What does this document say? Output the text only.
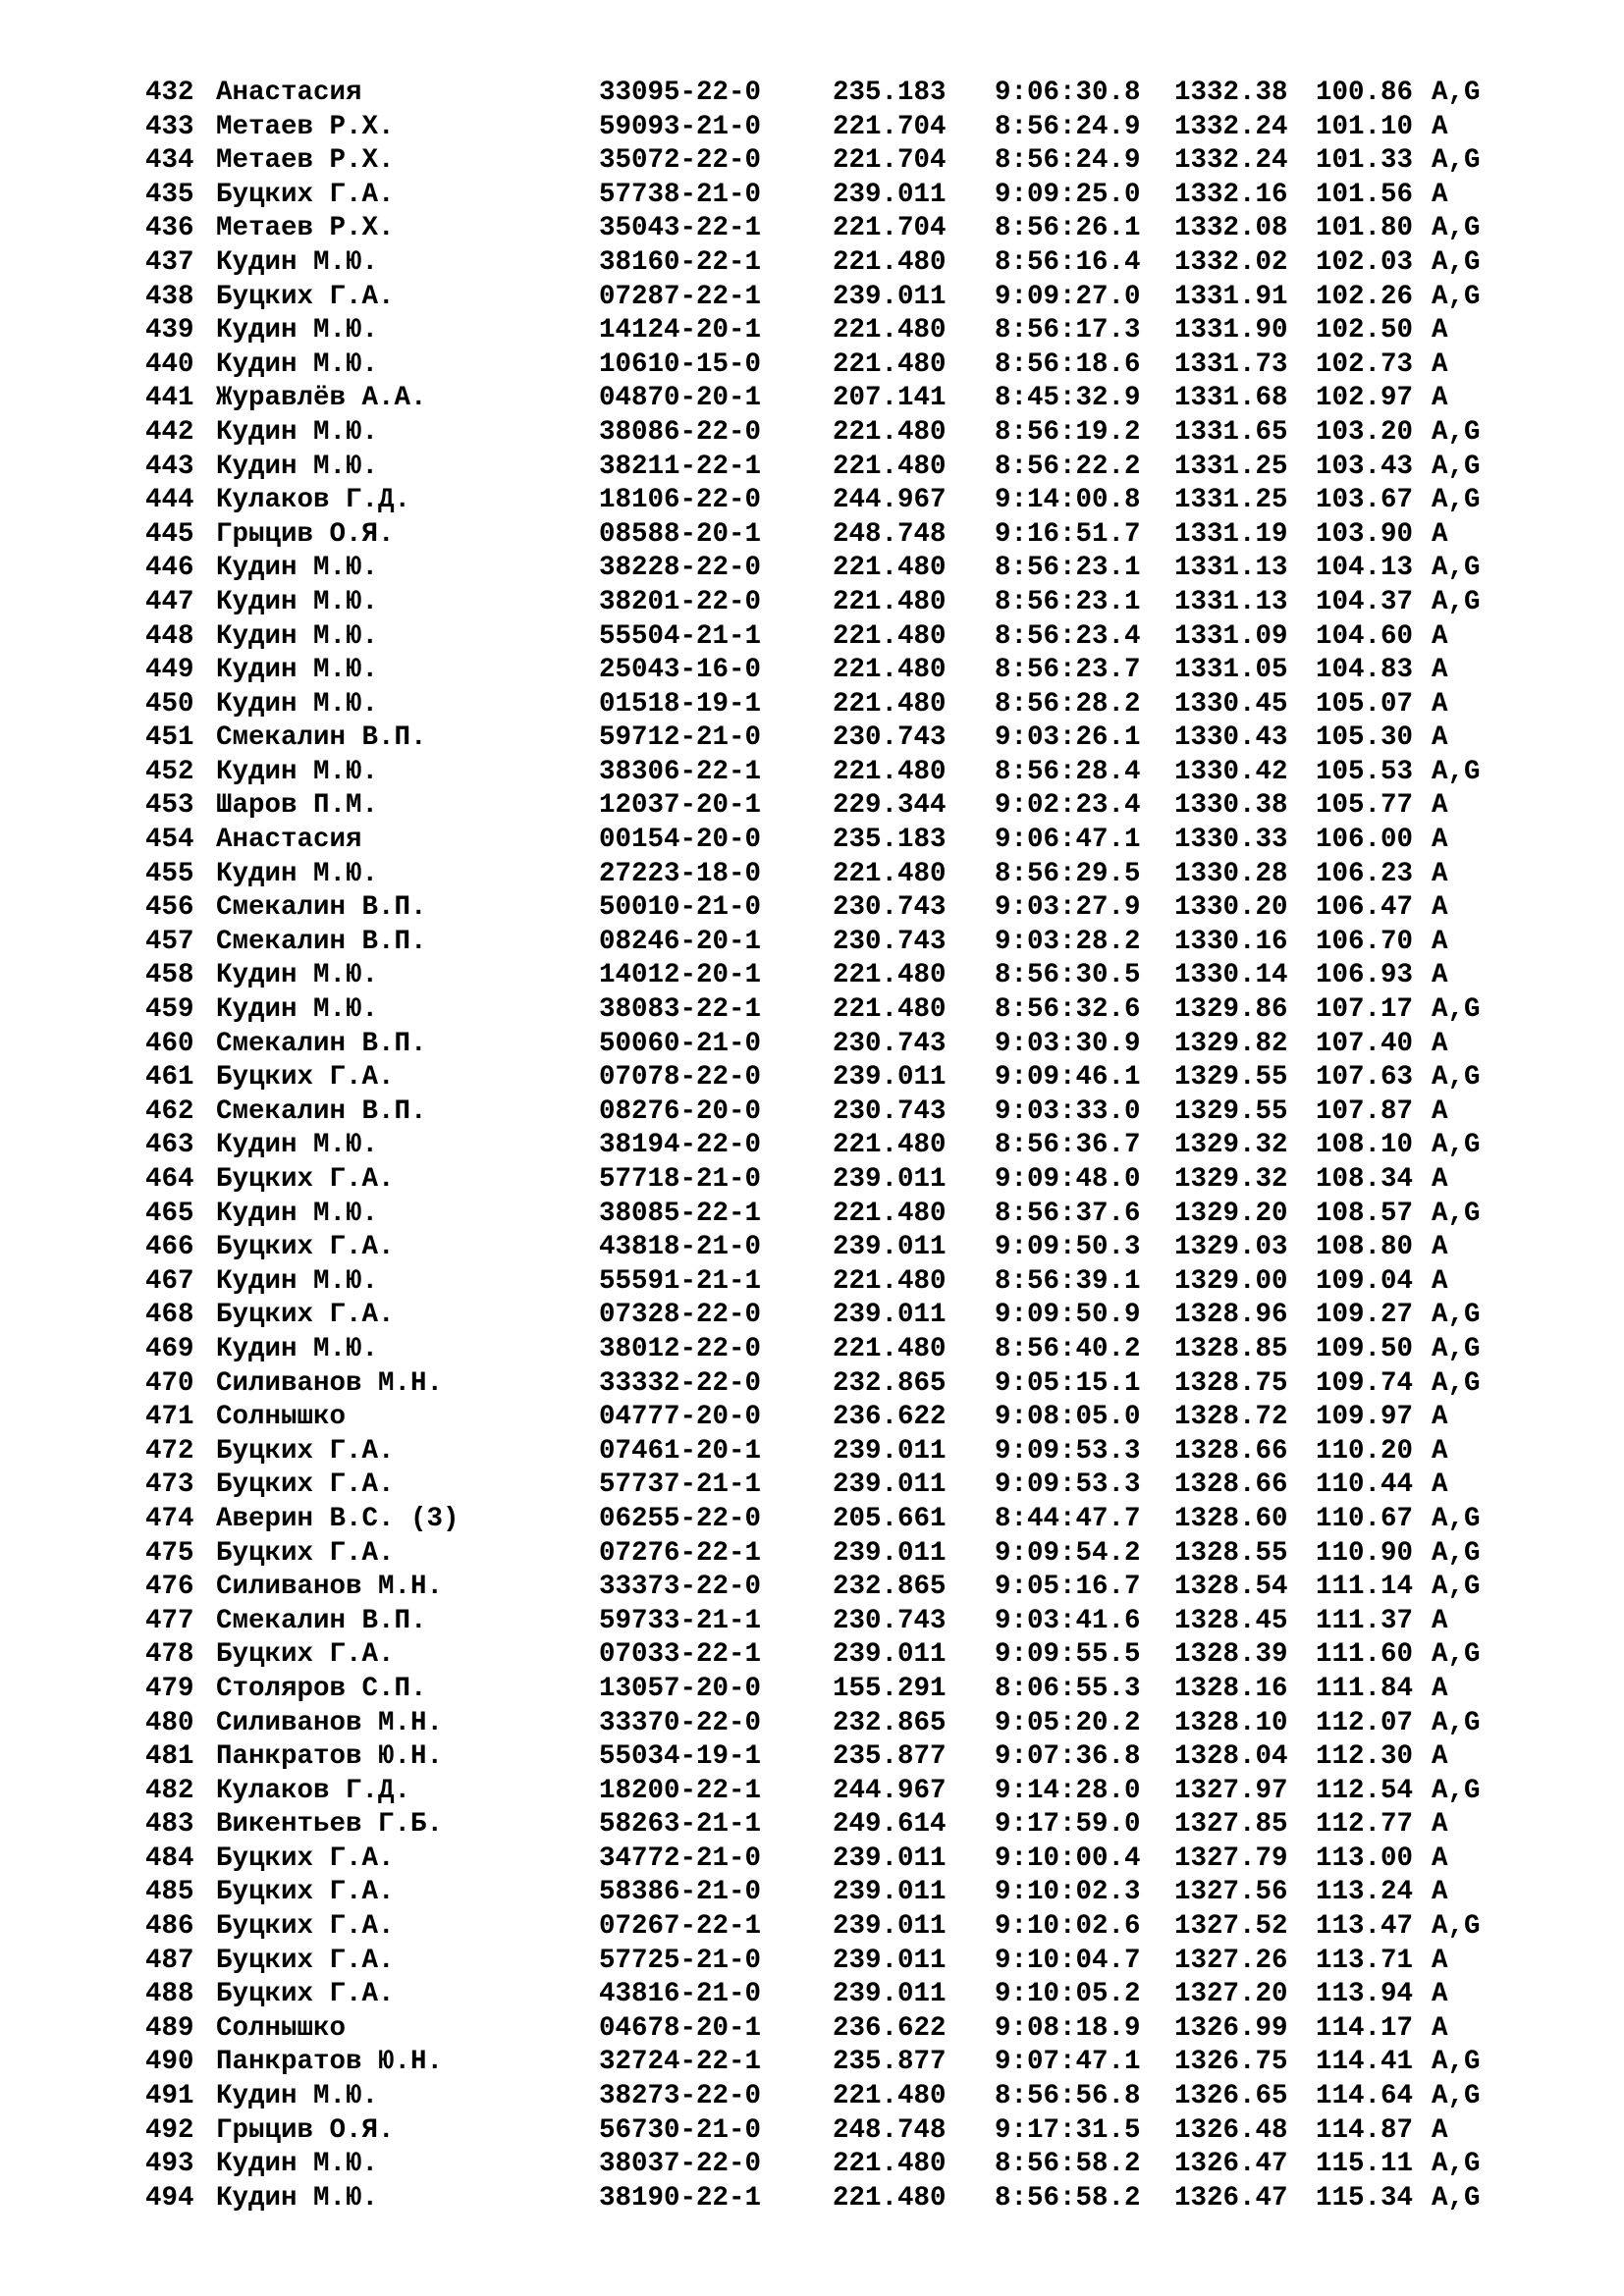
432 Анастасия	33095-22-0	235.183 9:06:30.8 1332.38 100.86 A,G
433 Метаев Р.Х.	59093-21-0	221.704 8:56:24.9 1332.24 101.10 A
434 Метаев Р.Х.	35072-22-0	221.704 8:56:24.9 1332.24 101.33 A,G
435 Буцких Г.А.	57738-21-0	239.011 9:09:25.0 1332.16 101.56 A
436 Метаев Р.Х.	35043-22-1	221.704 8:56:26.1 1332.08 101.80 A,G
437 Кудин М.Ю.	38160-22-1	221.480 8:56:16.4 1332.02 102.03 A,G
438 Буцких Г.А.	07287-22-1	239.011 9:09:27.0 1331.91 102.26 A,G
439 Кудин М.Ю.	14124-20-1	221.480 8:56:17.3 1331.90 102.50 A
440 Кудин М.Ю.	10610-15-0	221.480 8:56:18.6 1331.73 102.73 A
441 Журавлёв А.А.	04870-20-1	207.141 8:45:32.9 1331.68 102.97 A
442 Кудин М.Ю.	38086-22-0	221.480 8:56:19.2 1331.65 103.20 A,G
443 Кудин М.Ю.	38211-22-1	221.480 8:56:22.2 1331.25 103.43 A,G
444 Кулаков Г.Д.	18106-22-0	244.967 9:14:00.8 1331.25 103.67 A,G
445 Грыцив О.Я.	08588-20-1	248.748 9:16:51.7 1331.19 103.90 A
446 Кудин М.Ю.	38228-22-0	221.480 8:56:23.1 1331.13 104.13 A,G
447 Кудин М.Ю.	38201-22-0	221.480 8:56:23.1 1331.13 104.37 A,G
448 Кудин М.Ю.	55504-21-1	221.480 8:56:23.4 1331.09 104.60 A
449 Кудин М.Ю.	25043-16-0	221.480 8:56:23.7 1331.05 104.83 A
450 Кудин М.Ю.	01518-19-1	221.480 8:56:28.2 1330.45 105.07 A
451 Смекалин В.П.	59712-21-0	230.743 9:03:26.1 1330.43 105.30 A
452 Кудин М.Ю.	38306-22-1	221.480 8:56:28.4 1330.42 105.53 A,G
453 Шаров П.М.	12037-20-1	229.344 9:02:23.4 1330.38 105.77 A
454 Анастасия	00154-20-0	235.183 9:06:47.1 1330.33 106.00 A
455 Кудин М.Ю.	27223-18-0	221.480 8:56:29.5 1330.28 106.23 A
456 Смекалин В.П.	50010-21-0	230.743 9:03:27.9 1330.20 106.47 A
457 Смекалин В.П.	08246-20-1	230.743 9:03:28.2 1330.16 106.70 A
458 Кудин М.Ю.	14012-20-1	221.480 8:56:30.5 1330.14 106.93 A
459 Кудин М.Ю.	38083-22-1	221.480 8:56:32.6 1329.86 107.17 A,G
460 Смекалин В.П.	50060-21-0	230.743 9:03:30.9 1329.82 107.40 A
461 Буцких Г.А.	07078-22-0	239.011 9:09:46.1 1329.55 107.63 A,G
462 Смекалин В.П.	08276-20-0	230.743 9:03:33.0 1329.55 107.87 A
463 Кудин М.Ю.	38194-22-0	221.480 8:56:36.7 1329.32 108.10 A,G
464 Буцких Г.А.	57718-21-0	239.011 9:09:48.0 1329.32 108.34 A
465 Кудин М.Ю.	38085-22-1	221.480 8:56:37.6 1329.20 108.57 A,G
466 Буцких Г.А.	43818-21-0	239.011 9:09:50.3 1329.03 108.80 A
467 Кудин М.Ю.	55591-21-1	221.480 8:56:39.1 1329.00 109.04 A
468 Буцких Г.А.	07328-22-0	239.011 9:09:50.9 1328.96 109.27 A,G
469 Кудин М.Ю.	38012-22-0	221.480 8:56:40.2 1328.85 109.50 A,G
470 Силиванов М.Н.	33332-22-0	232.865 9:05:15.1 1328.75 109.74 A,G
471 Солнышко	04777-20-0	236.622 9:08:05.0 1328.72 109.97 A
472 Буцких Г.А.	07461-20-1	239.011 9:09:53.3 1328.66 110.20 A
473 Буцких Г.А.	57737-21-1	239.011 9:09:53.3 1328.66 110.44 A
474 Аверин В.С. (3)	06255-22-0	205.661 8:44:47.7 1328.60 110.67 A,G
475 Буцких Г.А.	07276-22-1	239.011 9:09:54.2 1328.55 110.90 A,G
476 Силиванов М.Н.	33373-22-0	232.865 9:05:16.7 1328.54 111.14 A,G
477 Смекалин В.П.	59733-21-1	230.743 9:03:41.6 1328.45 111.37 A
478 Буцких Г.А.	07033-22-1	239.011 9:09:55.5 1328.39 111.60 A,G
479 Столяров С.П.	13057-20-0	155.291 8:06:55.3 1328.16 111.84 A
480 Силиванов М.Н.	33370-22-0	232.865 9:05:20.2 1328.10 112.07 A,G
481 Панкратов Ю.Н.	55034-19-1	235.877 9:07:36.8 1328.04 112.30 A
482 Кулаков Г.Д.	18200-22-1	244.967 9:14:28.0 1327.97 112.54 A,G
483 Викентьев Г.Б.	58263-21-1	249.614 9:17:59.0 1327.85 112.77 A
484 Буцких Г.А.	34772-21-0	239.011 9:10:00.4 1327.79 113.00 A
485 Буцких Г.А.	58386-21-0	239.011 9:10:02.3 1327.56 113.24 A
486 Буцких Г.А.	07267-22-1	239.011 9:10:02.6 1327.52 113.47 A,G
487 Буцких Г.А.	57725-21-0	239.011 9:10:04.7 1327.26 113.71 A
488 Буцких Г.А.	43816-21-0	239.011 9:10:05.2 1327.20 113.94 A
489 Солнышко	04678-20-1	236.622 9:08:18.9 1326.99 114.17 A
490 Панкратов Ю.Н.	32724-22-1	235.877 9:07:47.1 1326.75 114.41 A,G
491 Кудин М.Ю.	38273-22-0	221.480 8:56:56.8 1326.65 114.64 A,G
492 Грыцив О.Я.	56730-21-0	248.748 9:17:31.5 1326.48 114.87 A
493 Кудин М.Ю.	38037-22-0	221.480 8:56:58.2 1326.47 115.11 A,G
494 Кудин М.Ю.	38190-22-1	221.480 8:56:58.2 1326.47 115.34 A,G
